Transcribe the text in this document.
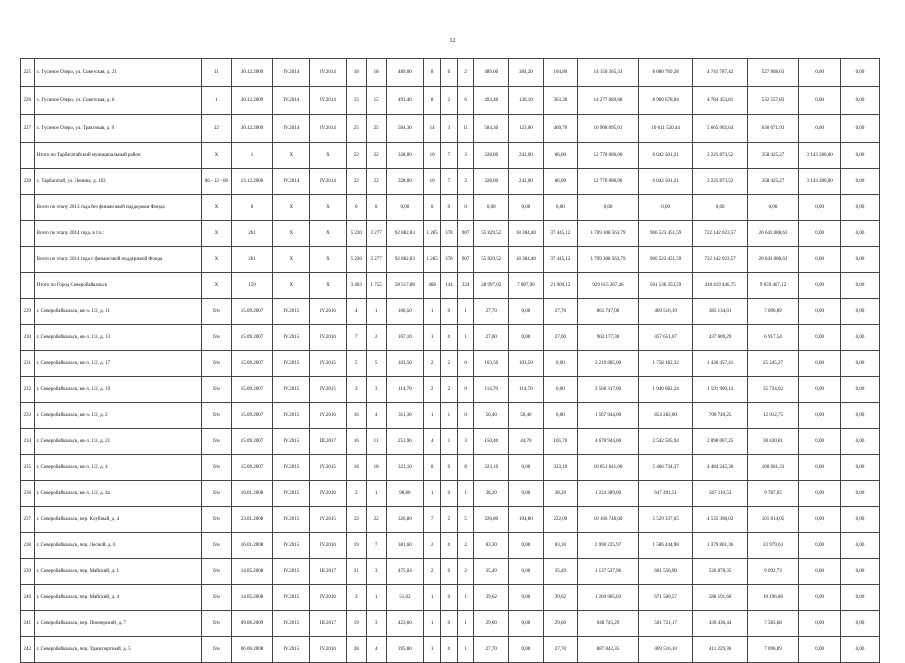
12
225	с. Гусиное Озеро, ул. Советская, д. 21	11	30.12.2009	IV.2014	IV.2014	18	18	489,00	8	6	2	489,00	384,20	104,80	14 150 365,33	8 880 769,28	4 741 787,42	527 808,63	0,00	0,00
226	с. Гусиное Озеро, ул. Советская, д. 8	1	30.12.2009	IV.2014	IV.2014	15	15	493,40	8	2	6	493,40	130,10	363,30	14 277 689,68	8 960 678,04	4 784 453,81	532 557,83	0,00	0,00
227	с. Гусиное Озеро, ул. Трактовая, д. 9	12	30.12.2009	IV.2014	IV.2014	25	25	584,30	14	3	11	584,30	123,60	460,70	16 908 095,01	10 611 520,44	5 665 902,64	630 671,93	0,00	0,00
	Итого по Тарбагатайский муниципальный район	X	1	X	X	22	22	328,00	10	7	3	328,00	242,00	86,00	12 770 080,00	6 042 501,21	3 225 873,52	358 425,27	3 143 280,00	0,00
228	с. Тарбагатай, ул. Ленина, д. 103	06 - 12 - 06	13.12.2006	IV.2014	IV.2014	22	22	328,00	10	7	3	328,00	242,00	86,00	12 770 080,00	6 042 501,21	3 225 873,52	358 425,27	3 143 280,00	0,00
	Всего по этапу 2013 года без финансовой поддержки Фонда	X	0	X	X	0	0	0,00	0	0	0	0,00	0,00	0,00	0,00	0,00	0,00	0,00	0,00	0,00
	Всего по этапу 2014 года, в т.ч.:	X	261	X	X	5 220	3 277	92 882,83	1 285	378	907	55 829,52	18 384,40	37 445,12	1 709 308 563,79	966 523 451,59	722 142 023,57	20 643 088,63	0,00	0,00
	Всего по этапу 2014 года с финансовой поддержкой Фонда	X	261	X	X	5 220	3 277	92 882,83	1 285	378	907	55 829,52	18 384,40	37 445,12	1 709 308 563,79	966 523 451,59	722 142 023,57	20 643 088,63	0,00	0,00
	Итого по Город Северобайкальск	X	159	X	X	3 403	1 755	58 517,88	468	144	324	28 997,02	7 087,90	21 909,12	929 615 267,46	501 536 353,59	418 419 446,75	9 659 467,12	0,00	0,00
229	г. Северобайкальск, кв-л. 1/2, д. 11	б/н	15.09.2007	IV.2015	IV.2016	4	1	100,50	1	0	1	27,70	0,00	27,70	861 747,00	469 516,10	385 134,01	7 096,89	0,00	0,00
230	г. Северобайкальск, кв-л. 1/2, д. 13	б/н	15.09.2007	IV.2015	IV.2016	7	2	107,10	1	0	1	27,00	0,00	27,00	902 177,30	457 651,07	437 609,29	6 917,54	0,00	0,00
231	г. Северобайкальск, кв-л. 1/2, д. 17	б/н	15.09.2007	IV.2015	IV.2015	5	5	103,50	2	2	0	103,50	103,50	0,00	3 219 885,00	1 758 182,32	1 436 457,41	25 245,27	0,00	0,00
232	г. Северобайкальск, кв-л. 1/2, д. 19	б/н	15.09.2007	IV.2015	IV.2015	3	3	114,70	2	2	0	114,70	114,70	0,00	3 568 317,00	1 940 682,24	1 591 900,14	35 734,62	0,00	0,00
233	г. Северобайкальск, кв-л. 1/2, д. 2	б/н	15.09.2007	IV.2015	IV.2016	16	4	311,30	1	1	0	50,40	50,40	0,00	1 567 944,00	854 282,00	700 749,25	12 912,75	0,00	0,00
234	г. Северобайкальск, кв-л. 1/2, д. 21	б/н	15.09.2007	IV.2015	III.2017	16	11	253,90	4	1	3	150,40	44,70	105,70	4 678 944,00	2 542 505,94	2 098 007,25	38 430,81	0,00	0,00
235	г. Северобайкальск, кв-л. 1/2, д. 4	б/н	15.09.2007	IV.2015	IV.2015	18	18	323,10	8	0	8	323,10	0,00	323,10	10 051 641,00	5 466 734,37	4 484 245,30	100 661,33	0,00	0,00
236	г. Северобайкальск, кв-л. 1/2, д. 4а	б/н	16.01.2008	IV.2015	IV.2016	2	1	98,80	1	0	1	38,20	0,00	38,20	1 224 389,00	647 491,51	567 110,53	9 787,05	0,00	0,00
237	г. Северобайкальск, пер. Клубный, д. 4	б/н	23.01.2008	IV.2015	IV.2015	22	22	326,80	7	2	5	326,80	104,80	222,00	10 166 748,00	5 529 337,05	4 535 398,02	101 814,05	0,00	0,00
238	г. Северобайкальск, пер. Лесной, д. 6	б/н	16.01.2008	IV.2015	IV.2016	19	7	381,60	2	0	2	83,30	0,00	83,30	2 990 225,97	1 586 444,98	1 379 801,36	23 979,63	0,00	0,00
239	г. Северобайкальск, пер. Майский, д. 1	б/н	14.05.2008	IV.2015	III.2017	31	3	475,04	2	0	2	35,49	0,00	35,49	1 137 527,96	601 556,90	526 878,35	9 092,73	0,00	0,00
240	г. Северобайкальск, пер. Майский, д. 4	б/н	14.05.2008	IV.2015	IV.2016	3	1	51,02	1	0	1	39,62	0,00	39,62	1 269 905,03	671 500,57	588 191,60	10 196,86	0,00	0,00
241	г. Северобайкальск, пер. Пионерский, д. 7	б/н	09.06.2009	IV.2015	III.2017	19	3	423,60	1	0	1	29,60	0,00	29,60	948 745,29	501 721,17	439 436,44	7 583,68	0,00	0,00
242	г. Северобайкальск, пер. Транспортный, д. 5	б/н	06.06.2008	IV.2015	IV.2016	28	4	395,80	1	0	1	27,70	0,00	27,70	887 842,35	469 516,10	411 229,36	7 096,89	0,00	0,00
